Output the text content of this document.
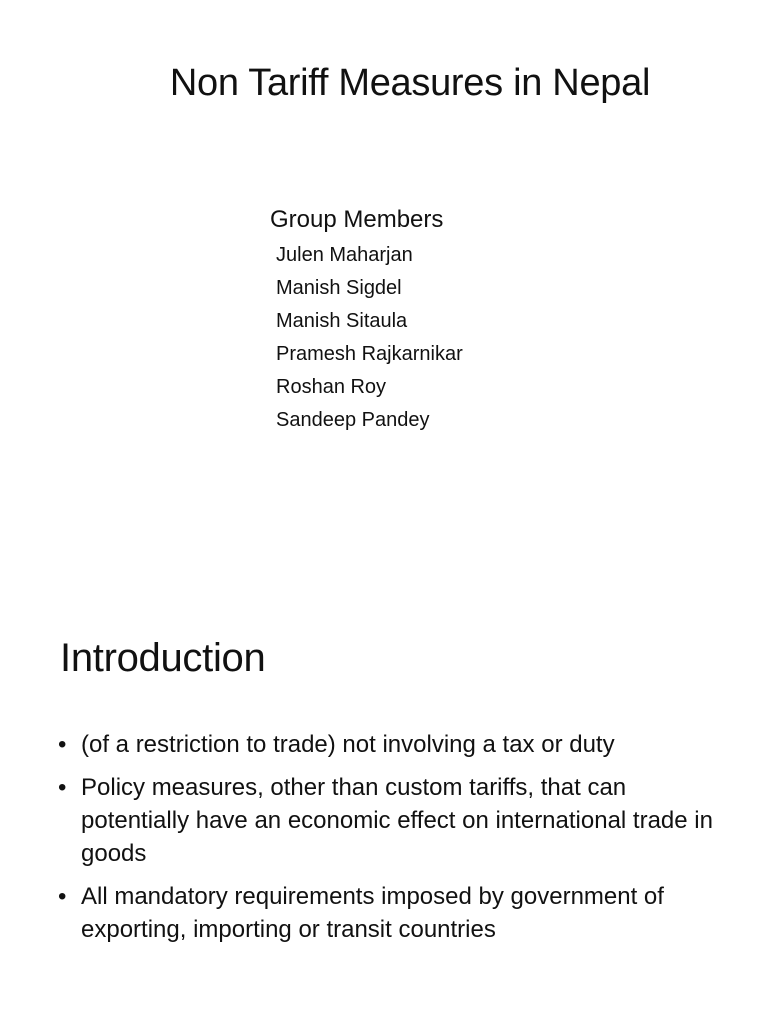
Non Tariff Measures in Nepal
Group Members
Julen Maharjan
Manish Sigdel
Manish Sitaula
Pramesh Rajkarnikar
Roshan Roy
Sandeep Pandey
Introduction
• (of a restriction to trade) not involving a tax or duty
• Policy measures, other than custom tariffs, that can potentially have an economic effect on international trade in goods
• All mandatory requirements imposed by government of exporting, importing or transit countries
